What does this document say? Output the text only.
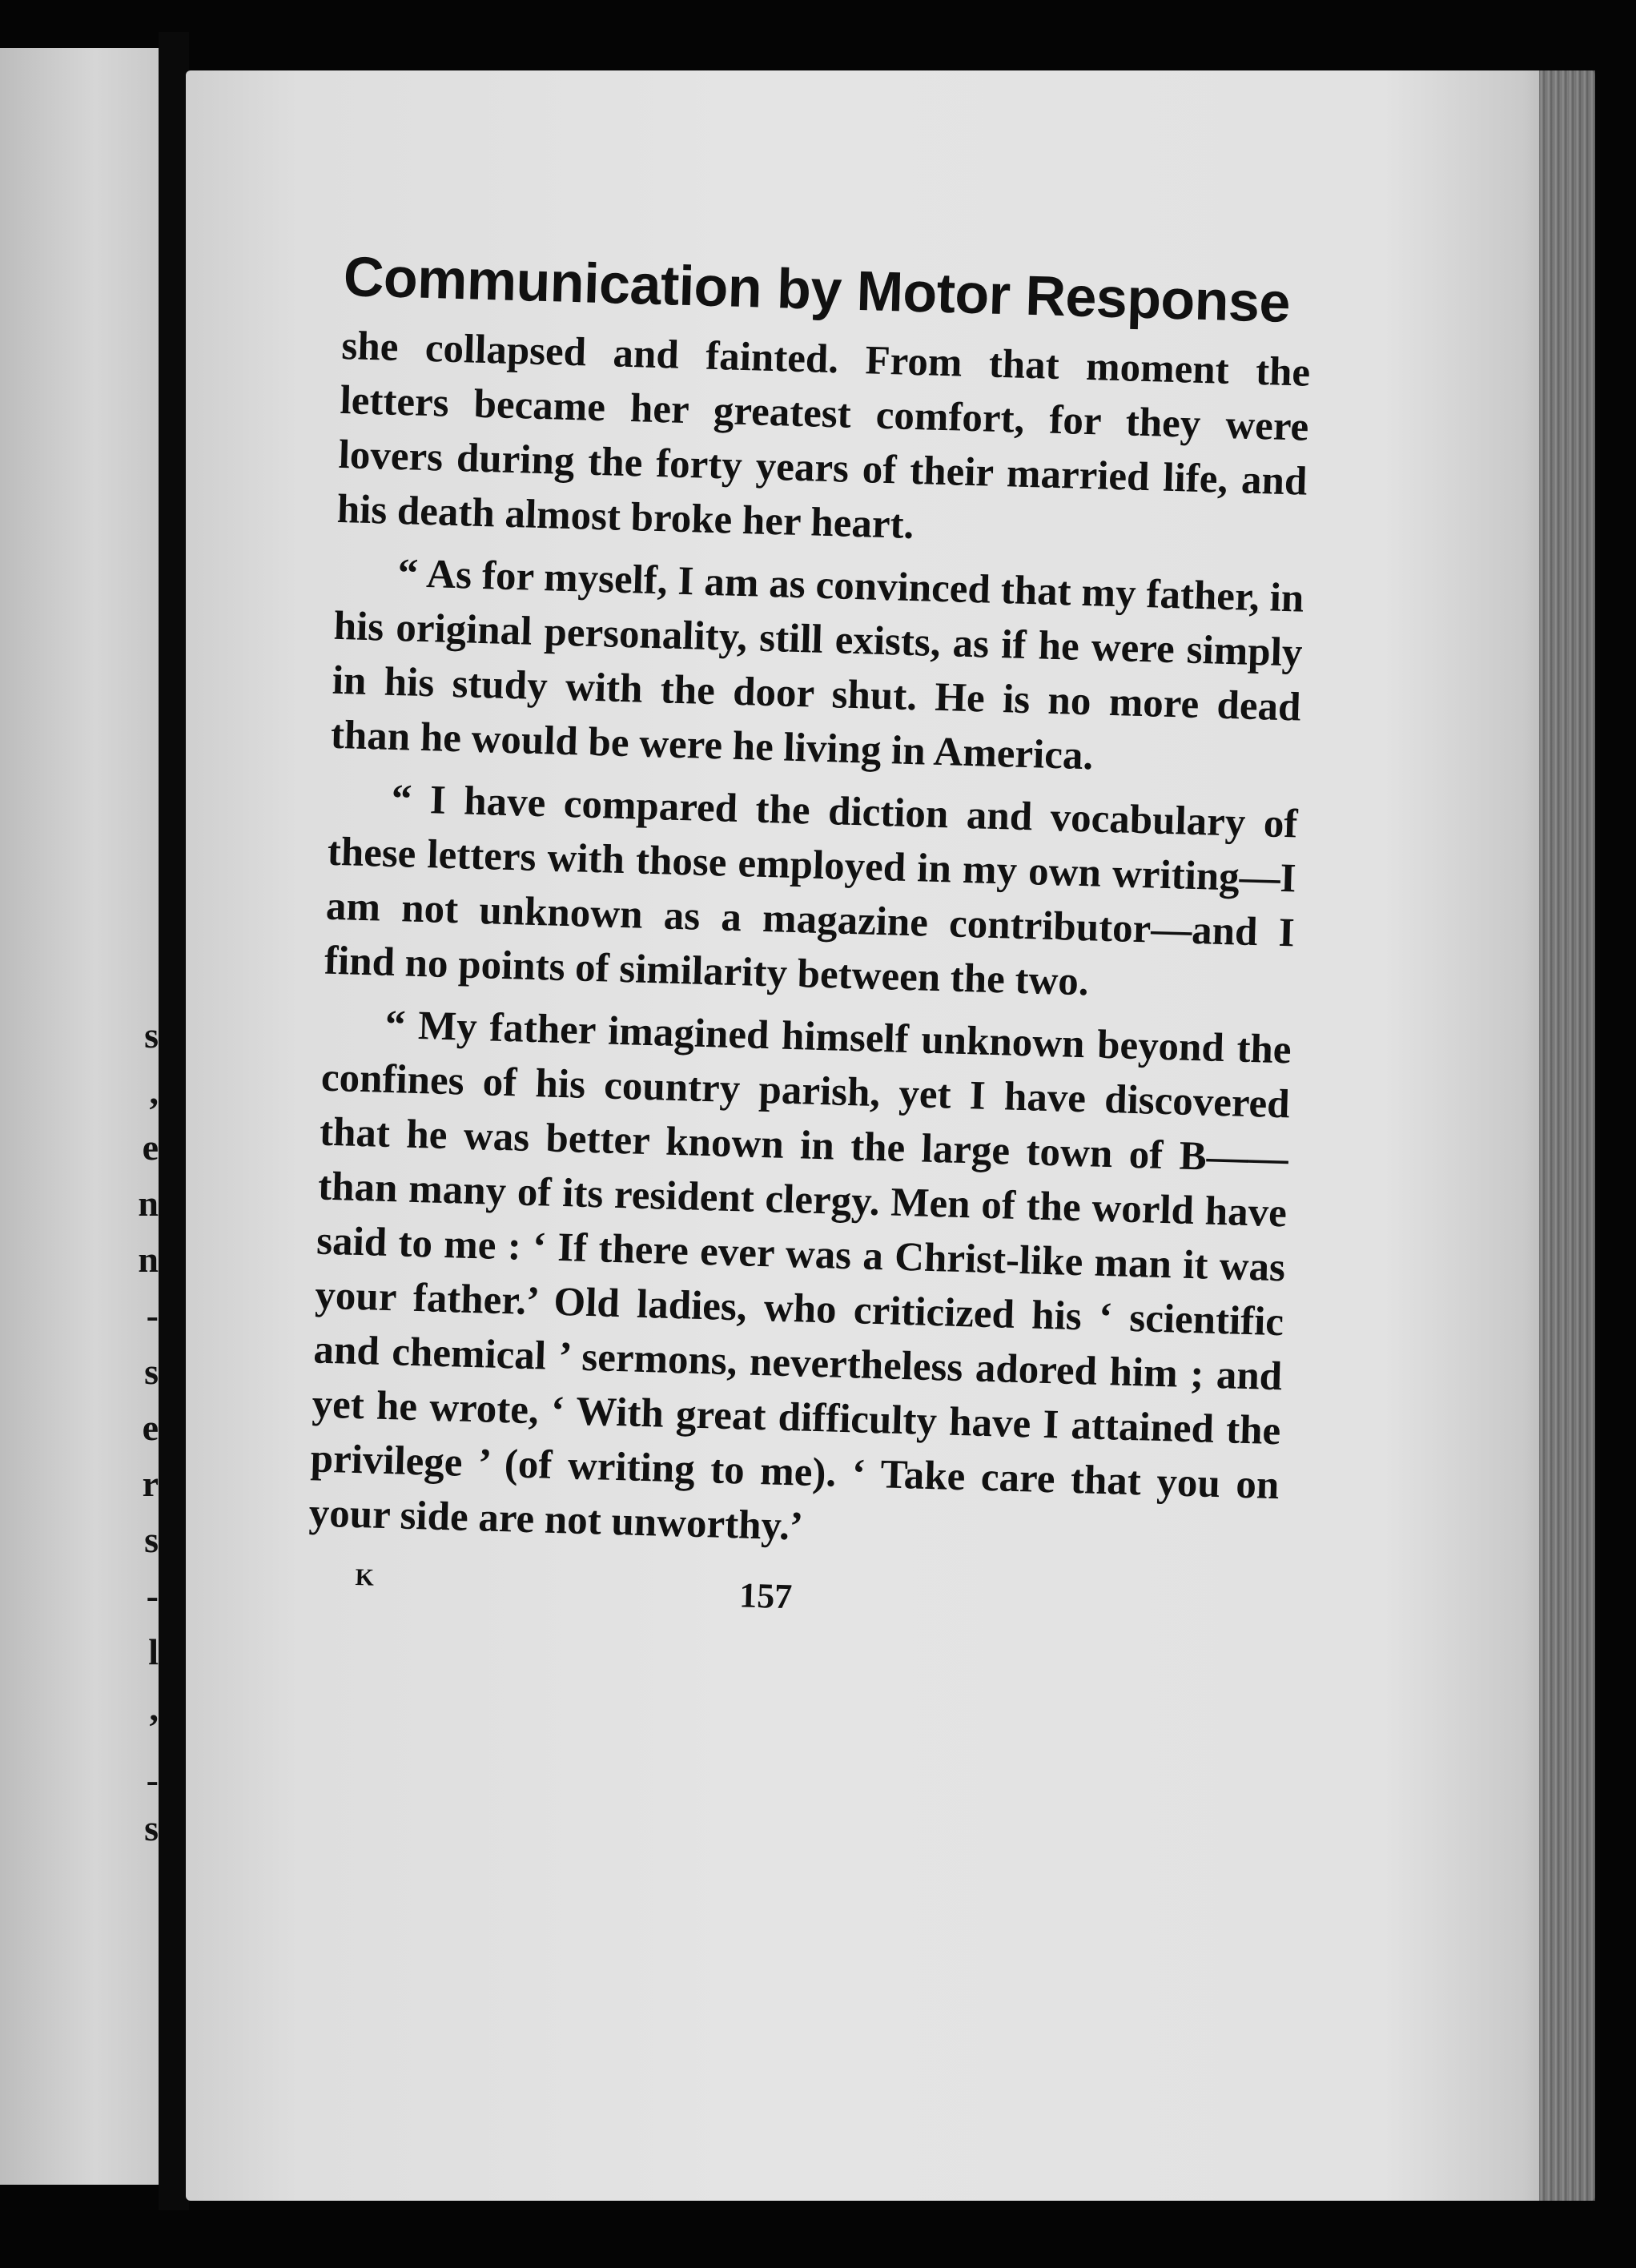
s
,
e
n
n
-
s
e
r
s
-
l
,
-
s
Communication by Motor Response

she collapsed and fainted. From that moment the letters became her greatest comfort, for they were lovers during the forty years of their married life, and his death almost broke her heart.

“ As for myself, I am as convinced that my father, in his original personality, still exists, as if he were simply in his study with the door shut. He is no more dead than he would be were he living in America.

“ I have compared the diction and vocabulary of these letters with those employed in my own writing—I am not unknown as a magazine contributor—and I find no points of similarity between the two.

“ My father imagined himself unknown beyond the confines of his country parish, yet I have discovered that he was better known in the large town of B—— than many of its resident clergy. Men of the world have said to me : ‘ If there ever was a Christ-like man it was your father.’ Old ladies, who criticized his ‘ scientific and chemical ’ sermons, nevertheless adored him ; and yet he wrote, ‘ With great difficulty have I attained the privilege ’ (of writing to me). ‘ Take care that you on your side are not unworthy.’

K	157
